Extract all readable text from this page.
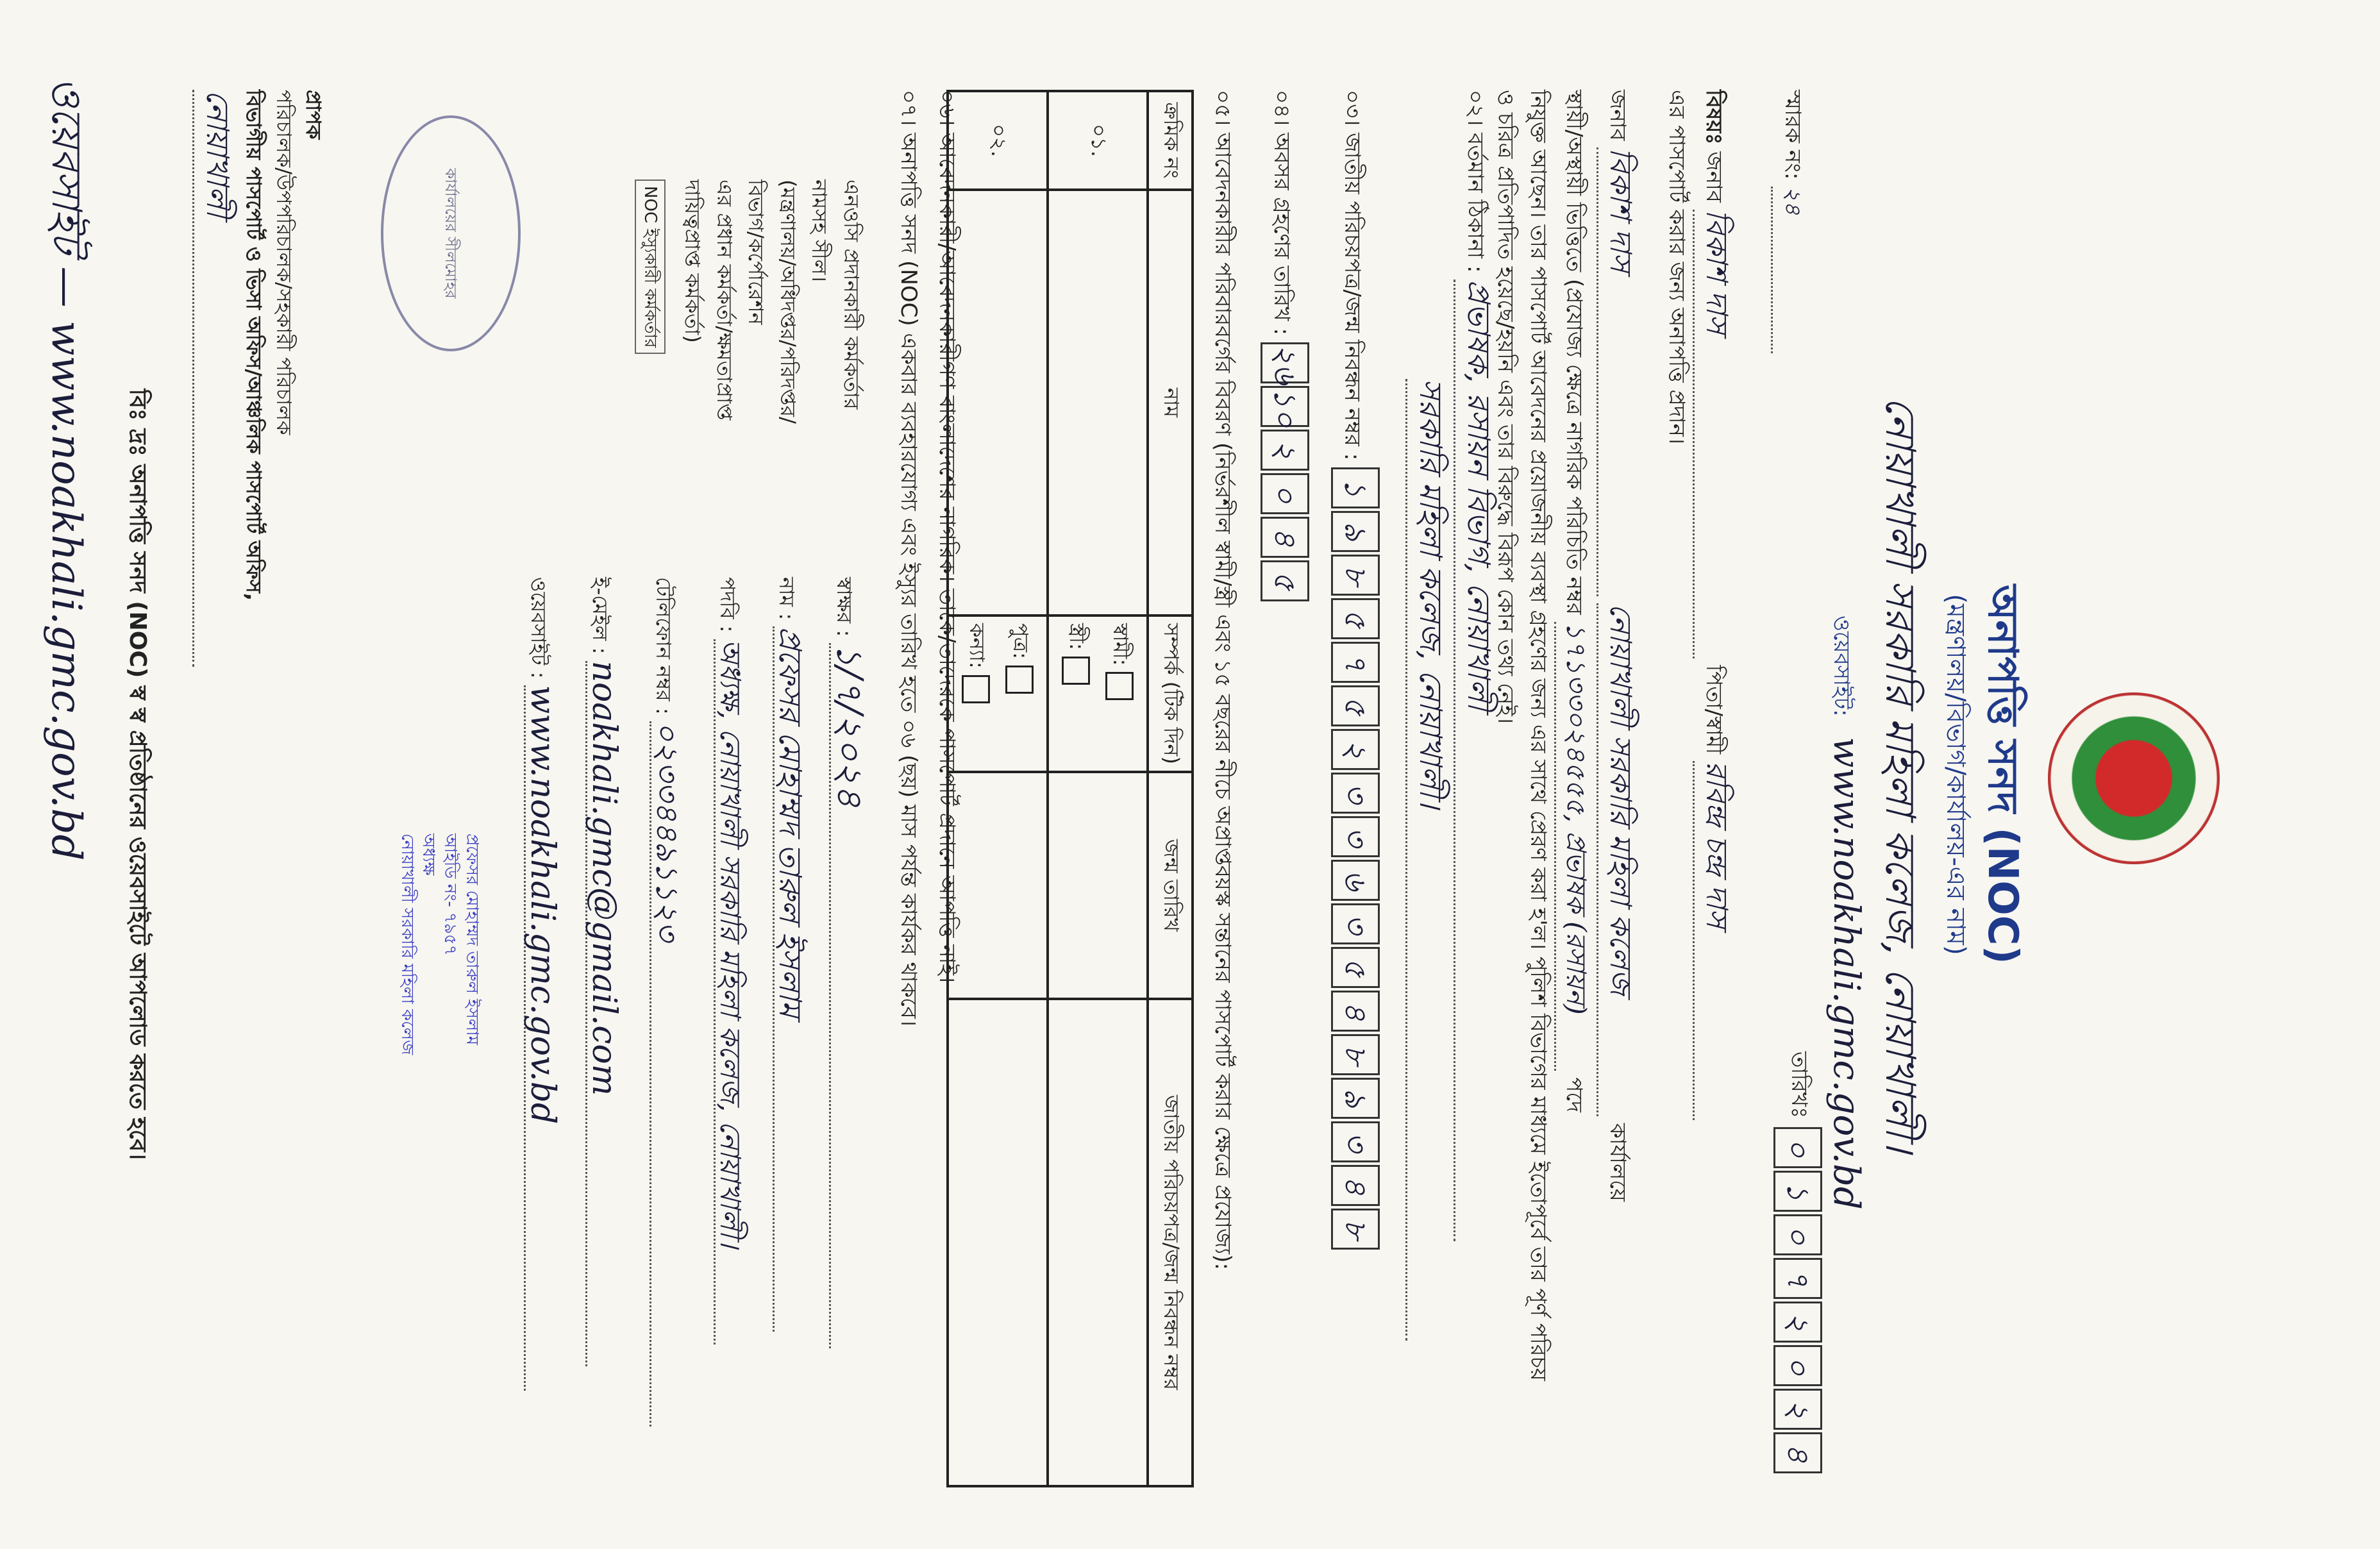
ওয়েবসাইট — www.noakhali.gmc.gov.bd	অনাপত্তি সনদ (NOC)
(মন্ত্রণালয়/বিভাগ/কার্যালয়-এর নাম)
নোয়াখালী সরকারি মহিলা কলেজ, নোয়াখালী।
ওয়েবসাইট: www.noakhali.gmc.gov.bd
স্মারক নং: ২৪
তারিখঃ
০১০৭২০২৪
বিষয়ঃ জনাব বিকাশ দাস পিতা/স্বামী রবিন্দ্র চন্দ্র দাস
এর পাসপোর্ট করার জন্য অনাপত্তি প্রদান।
জনাব বিকাশ দাস নোয়াখালী সরকারি মহিলা কলেজ কার্যালয়ে
স্থায়ী/অস্থায়ী ভিত্তিতে (প্রযোজ্য ক্ষেত্রে নাগরিক পরিচিতি নম্বর ১৭১৩৩০২৪৫৫৫, প্রভাষক (রসায়ন) পদে
নিযুক্ত আছেন। তার পাসপোর্ট আবেদনের প্রয়োজনীয় ব্যবস্থা গ্রহণের জন্য এর সাথে প্রেরণ করা হ'ল। পুলিশ বিভাগের মাধ্যমে ইতোপূর্বে তার পূর্ণ পরিচয়
ও চরিত্র প্রতিপাদিত হয়েছে/হয়নি এবং তার বিরুদ্ধে বিরূপ কোন তথ্য নেই।
০২। বর্তমান ঠিকানা : প্রভাষক, রসায়ন বিভাগ, নোয়াখালী
সরকারি মহিলা কলেজ, নোয়াখালী।
০৩। জাতীয় পরিচয়পত্র/জন্ম নিবন্ধন নম্বর : ১৯৮৫৭৫২৩৩৬৩৫৪৮৯৩৪৮
০৪। অবসর গ্রহণের তারিখ : ২৬১০২০৪৫
০৫। আবেদনকারীর পরিবারবর্গের বিবরণ (নির্ভরশীল স্বামী/স্ত্রী এবং ১৫ বছরের নীচে অপ্রাপ্তবয়স্ক সন্তানের পাসপোর্ট করার ক্ষেত্রে প্রযোজ্য):
ক্রমিক নং	নাম	সম্পর্ক (টিক দিন)	জন্ম তারিখ	জাতীয় পরিচয়পত্র/জন্ম নিবন্ধন নম্বর
০১.		স্বামী:
স্ত্রী:		

০২.		পুত্র:
কন্যা:		

০৬। আবেদনকারী/আবেদনকারীগণ বাংলাদেশের নাগরিক। তাকে/তাদেরকে পাসপোর্ট প্রদানে আপত্তি নাই।
০৭। অনাপত্তি সনদ (NOC) একবার ব্যবহারযোগ্য এবং ইস্যুর তারিখ হতে ০৬ (ছয়) মাস পর্যন্ত কার্যকর থাকবে।
এনওসি প্রদানকারী কর্মকর্তার
নামসহ সীল।
(মন্ত্রণালয়/অধিদপ্তর/পরিদপ্তর/
বিভাগ/কর্পোরেশন
এর প্রধান কর্মকর্তা/ক্ষমতাপ্রাপ্ত
দায়িত্বপ্রাপ্ত কর্মকর্তা)
NOC ইস্যুকারী কর্মকর্তার
স্বাক্ষর : ১/৭/২০২৪
নাম : প্রফেসর মোহাম্মদ তারুল ইসলাম
পদবি : অধ্যক্ষ, নোয়াখালী সরকারি মহিলা কলেজ, নোয়াখালী।
টেলিফোন নম্বর : ০২৩৩৪৪৯১১২৩
ই-মেইল : noakhali.gmc@gmail.com
ওয়েবসাইট : www.noakhali.gmc.gov.bd
প্রফেসর মোহাম্মদ তারুল ইসলাম
আইডি নং- ৭৯৫৭
অধ্যক্ষ
নোয়াখালী সরকারি মহিলা কলেজ
কার্যালয়ের সীলমোহর
প্রাপক
পরিচালক/উপপরিচালক/সহকারী পরিচালক
বিভাগীয় পাসপোর্ট ও ভিসা অফিস/আঞ্চলিক পাসপোর্ট অফিস,
নোয়াখালী
বিঃ দ্রঃ অনাপত্তি সনদ (NOC) স্ব স্ব প্রতিষ্ঠানের ওয়েবসাইটে আপলোড করতে হবে।
